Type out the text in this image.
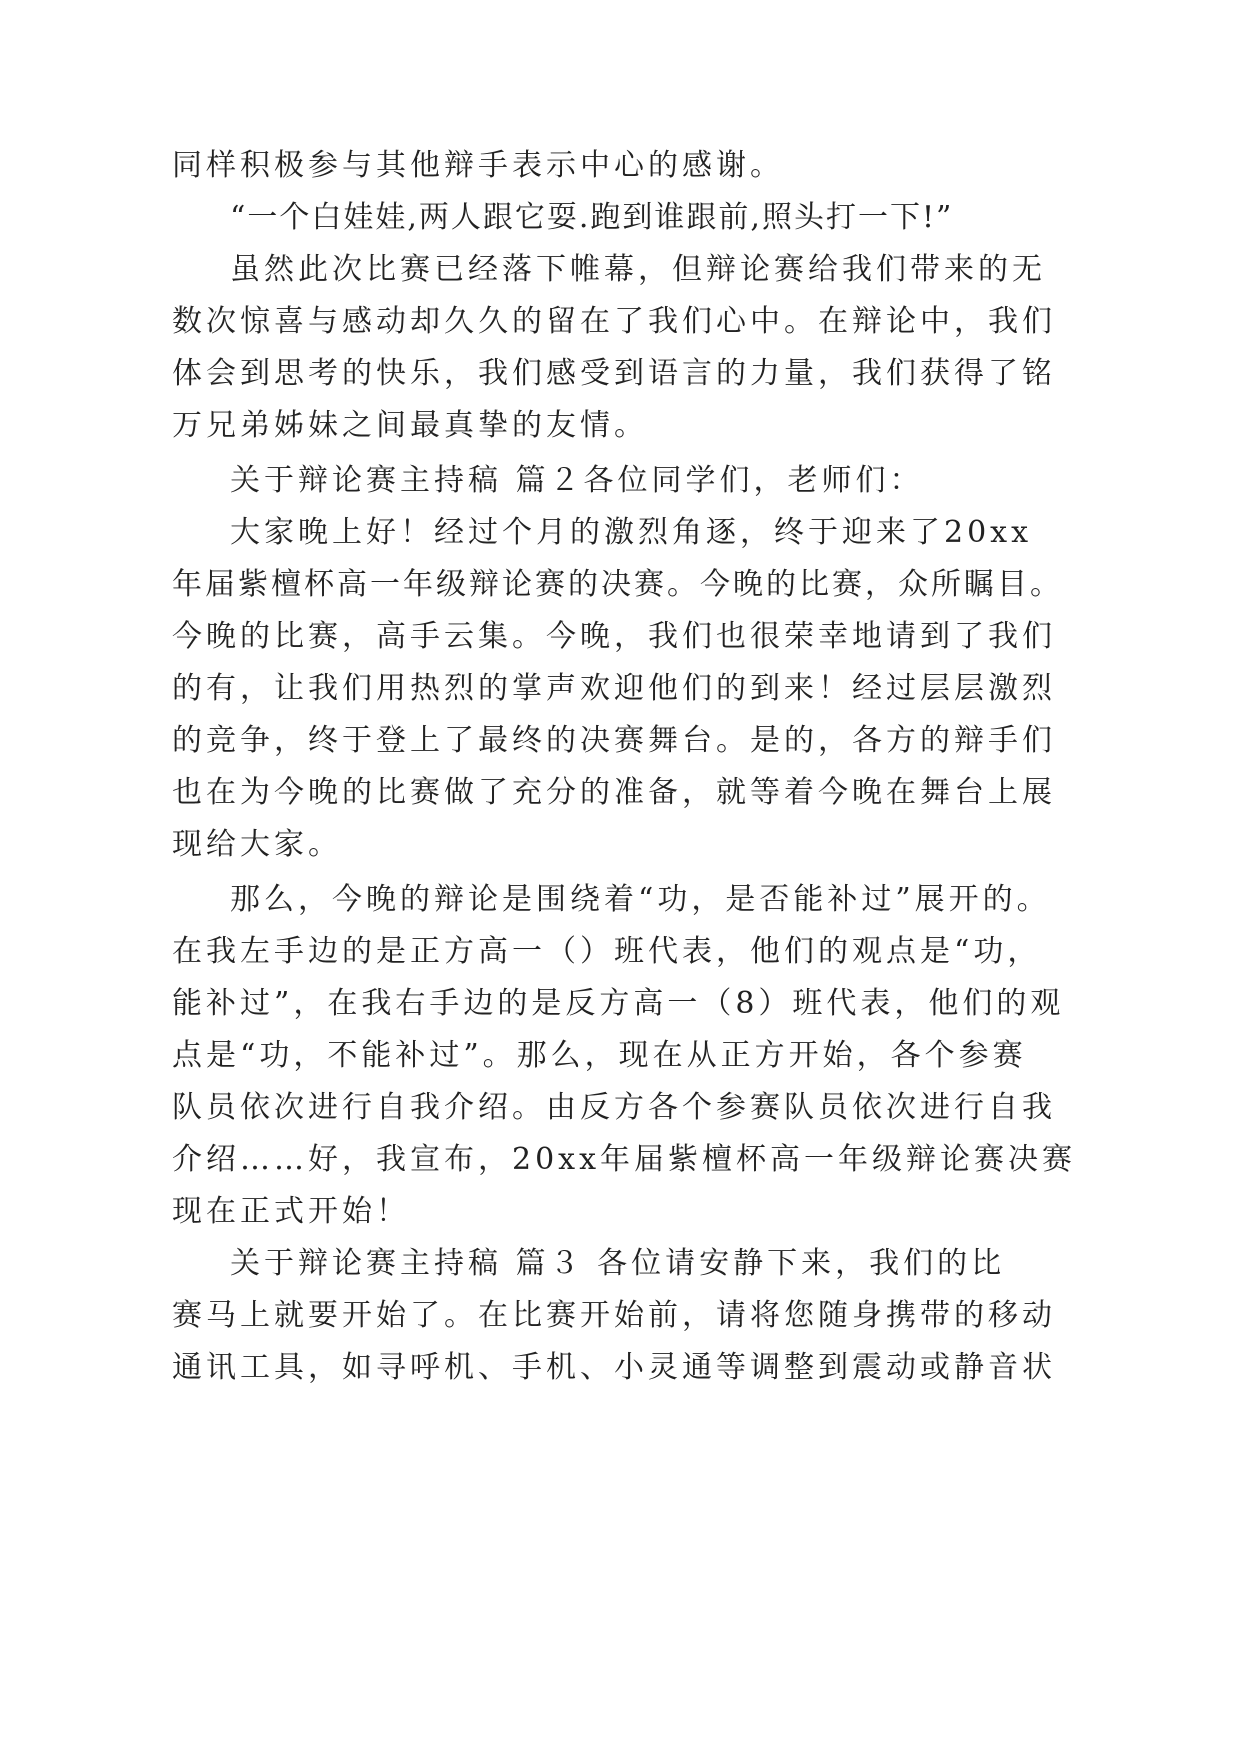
同样积极参与其他辩手表示中心的感谢。
“一个白娃娃,两人跟它耍.跑到谁跟前,照头打一下!”
虽然此次比赛已经落下帷幕，但辩论赛给我们带来的无
数次惊喜与感动却久久的留在了我们心中。在辩论中，我们
体会到思考的快乐，我们感受到语言的力量，我们获得了铭
万兄弟姊妹之间最真挚的友情。
关于辩论赛主持稿 篇２各位同学们，老师们：
大家晚上好！经过个月的激烈角逐，终于迎来了20xx
年届紫檀杯高一年级辩论赛的决赛。今晚的比赛，众所瞩目。
今晚的比赛，高手云集。今晚，我们也很荣幸地请到了我们
的有，让我们用热烈的掌声欢迎他们的到来！经过层层激烈
的竞争，终于登上了最终的决赛舞台。是的，各方的辩手们
也在为今晚的比赛做了充分的准备，就等着今晚在舞台上展
现给大家。
那么，今晚的辩论是围绕着“功，是否能补过”展开的。
在我左手边的是正方高一（）班代表，他们的观点是“功，
能补过”，在我右手边的是反方高一（8）班代表，他们的观
点是“功，不能补过”。那么，现在从正方开始，各个参赛
队员依次进行自我介绍。由反方各个参赛队员依次进行自我
介绍……好，我宣布，20xx年届紫檀杯高一年级辩论赛决赛
现在正式开始！
关于辩论赛主持稿 篇３ 各位请安静下来，我们的比
赛马上就要开始了。在比赛开始前，请将您随身携带的移动
通讯工具，如寻呼机、手机、小灵通等调整到震动或静音状
